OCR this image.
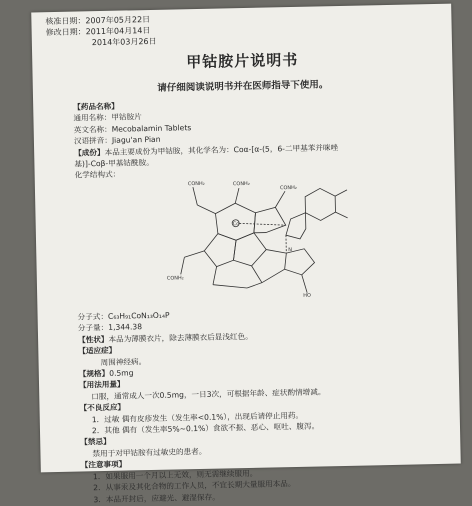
核准日期：2007年05月22日
修改日期：2011年04月14日
2014年03月26日
甲钴胺片说明书
请仔细阅读说明书并在医师指导下使用。
【药品名称】
通用名称：甲钴胺片
英文名称：Mecobalamin Tablets
汉语拼音：Jiagu'an Pian
【成份】本品主要成份为甲钴胺，其化学名为：Coα-[α-(5，6-二甲基苯并咪唑
基)]-Coβ-甲基钴酰胺。
化学结构式：
Co
CONH₂	CONH₂
CONH₂
CONH₂
N
HO
分子式：C₆₃H₉₁CoN₁₃O₁₄P
分子量：1,344.38
【性状】本品为薄膜衣片，除去薄膜衣后显浅红色。
【适应症】
周围神经病。
【规格】0.5mg
【用法用量】
口服，通常成人一次0.5mg，一日3次，可根据年龄、症状酌情增减。
【不良反应】
1．过敏 偶有皮疹发生（发生率<0.1%），出现后请停止用药。
2．其他 偶有（发生率5%~0.1%）食欲不振、恶心、呕吐、腹泻。
【禁忌】
禁用于对甲钴胺有过敏史的患者。
【注意事项】
1．如果服用一个月以上无效，则无需继续服用。
2．从事汞及其化合物的工作人员，不宜长期大量服用本品。
3．本品开封后，应避光、避湿保存。
